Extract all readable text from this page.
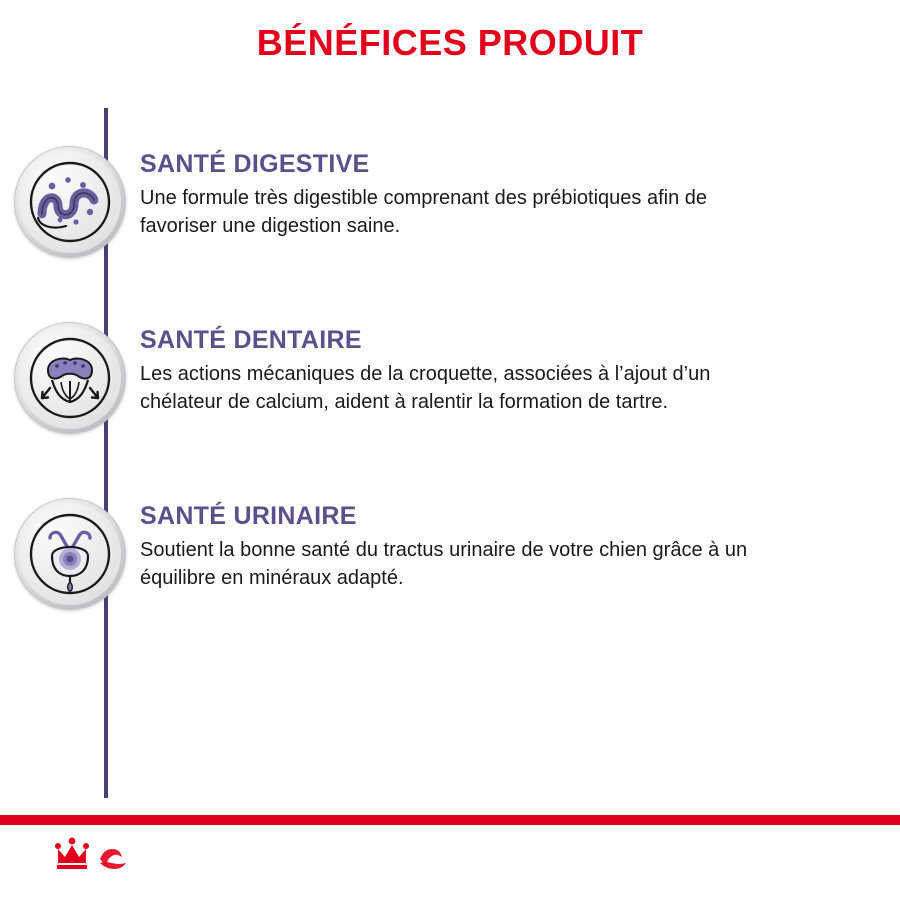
BÉNÉFICES PRODUIT

SANTÉ DIGESTIVE

Une formule très digestible comprenant des prébiotiques afin de favoriser une digestion saine.

SANTÉ DENTAIRE

Les actions mécaniques de la croquette, associées à l’ajout d’un chélateur de calcium, aident à ralentir la formation de tartre.

SANTÉ URINAIRE

Soutient la bonne santé du tractus urinaire de votre chien grâce à un équilibre en minéraux adapté.
